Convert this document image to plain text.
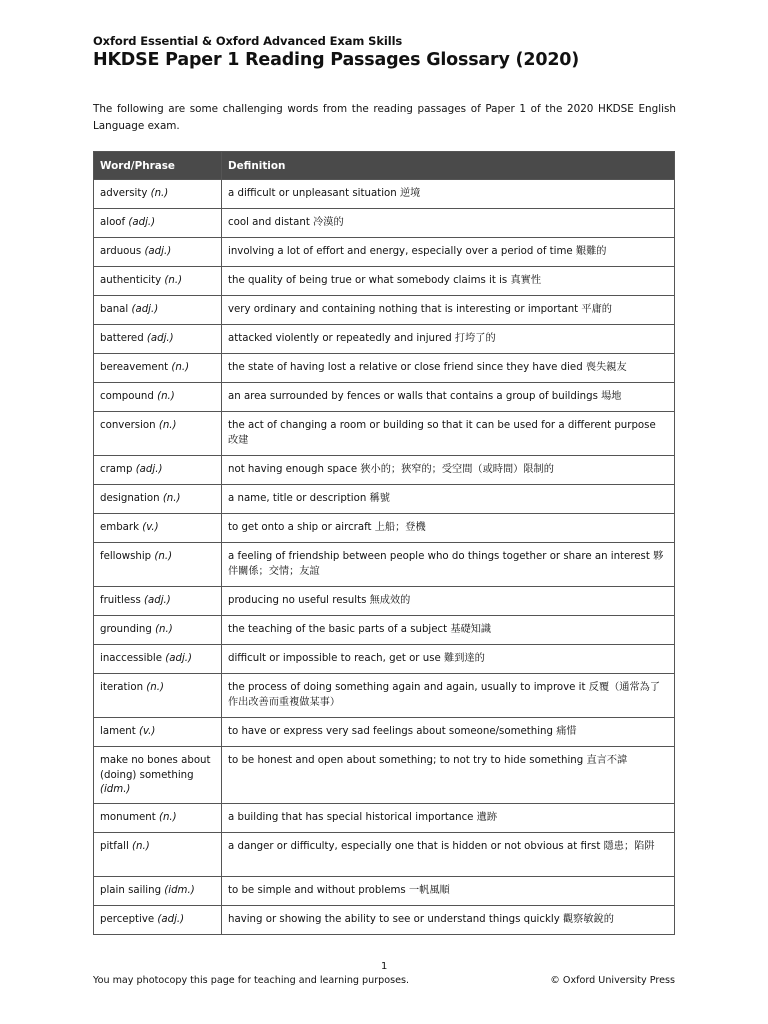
Oxford Essential & Oxford Advanced Exam Skills
HKDSE Paper 1 Reading Passages Glossary (2020)
The following are some challenging words from the reading passages of Paper 1 of the 2020 HKDSE English Language exam.
Word/Phrase	Definition
adversity (n.)	a difficult or unpleasant situation 逆境
aloof (adj.)	cool and distant 冷漠的
arduous (adj.)	involving a lot of effort and energy, especially over a period of time 艱難的
authenticity (n.)	the quality of being true or what somebody claims it is 真實性
banal (adj.)	very ordinary and containing nothing that is interesting or important 平庸的
battered (adj.)	attacked violently or repeatedly and injured 打垮了的
bereavement (n.)	the state of having lost a relative or close friend since they have died 喪失親友
compound (n.)	an area surrounded by fences or walls that contains a group of buildings 場地
conversion (n.)	the act of changing a room or building so that it can be used for a different purpose 改建
cramp (adj.)	not having enough space 狹小的；狹窄的；受空間（或時間）限制的
designation (n.)	a name, title or description 稱號
embark (v.)	to get onto a ship or aircraft 上船；登機
fellowship (n.)	a feeling of friendship between people who do things together or share an interest 夥伴關係；交情；友誼
fruitless (adj.)	producing no useful results 無成效的
grounding (n.)	the teaching of the basic parts of a subject 基礎知識
inaccessible (adj.)	difficult or impossible to reach, get or use 難到達的
iteration (n.)	the process of doing something again and again, usually to improve it 反覆（通常為了作出改善而重複做某事）
lament (v.)	to have or express very sad feelings about someone/something 痛惜
make no bones about (doing) something (idm.)	to be honest and open about something; to not try to hide something 直言不諱
monument (n.)	a building that has special historical importance 遺跡
pitfall (n.)	a danger or difficulty, especially one that is hidden or not obvious at first 隱患；陷阱
plain sailing (idm.)	to be simple and without problems 一帆風順
perceptive (adj.)	having or showing the ability to see or understand things quickly 觀察敏銳的
1
You may photocopy this page for teaching and learning purposes.	© Oxford University Press
